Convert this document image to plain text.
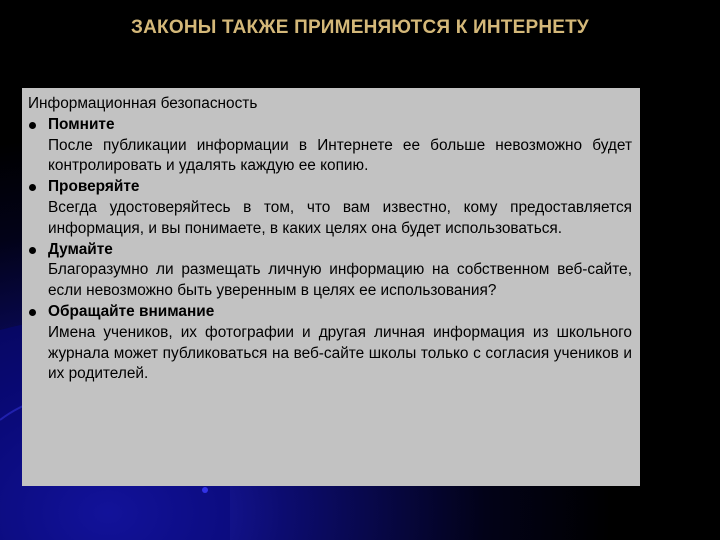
ЗАКОНЫ ТАКЖЕ ПРИМЕНЯЮТСЯ К ИНТЕРНЕТУ
Информационная безопасность
Помните
После публикации информации в Интернете ее больше невозможно будет контролировать и удалять каждую ее копию.
Проверяйте
Всегда удостоверяйтесь в том, что вам известно, кому предоставляется информация, и вы понимаете, в каких целях она будет использоваться.
Думайте
Благоразумно ли размещать личную информацию на собственном веб-сайте, если невозможно быть уверенным в целях ее использования?
Обращайте внимание
Имена учеников, их фотографии и другая личная информация из школьного журнала может публиковаться на веб-сайте школы только с согласия учеников и их родителей.
